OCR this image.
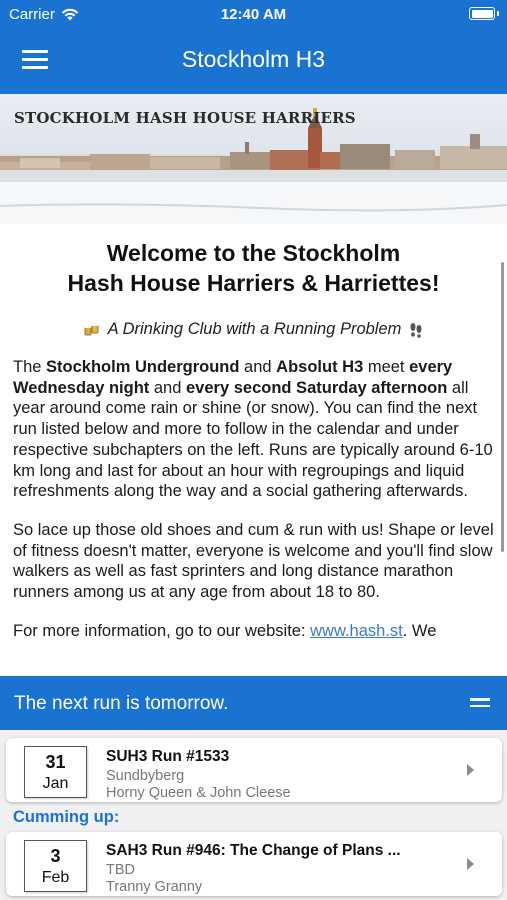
Carrier	12:40 AM
Stockholm H3
STOCKHOLM HASH HOUSE HARRIERS
Welcome to the Stockholm
Hash House Harriers & Harriettes!
A Drinking Club with a Running Problem

The Stockholm Underground and Absolut H3 meet every Wednesday night and every second Saturday afternoon all year around come rain or shine (or snow). You can find the next run listed below and more to follow in the calendar and under respective subchapters on the left. Runs are typically around 6-10 km long and last for about an hour with regroupings and liquid refreshments along the way and a social gathering afterwards.

So lace up those old shoes and cum & run with us! Shape or level of fitness doesn't matter, everyone is welcome and you'll find slow walkers as well as fast sprinters and long distance marathon runners among us at any age from about 18 to 80.

For more information, go to our website: www.hash.st. We

The next run is tomorrow.
31
Jan
SUH3 Run #1533
Sundbyberg
Horny Queen & John Cleese
Cumming up:
3
Feb
SAH3 Run #946: The Change of Plans ...
TBD
Tranny Granny
